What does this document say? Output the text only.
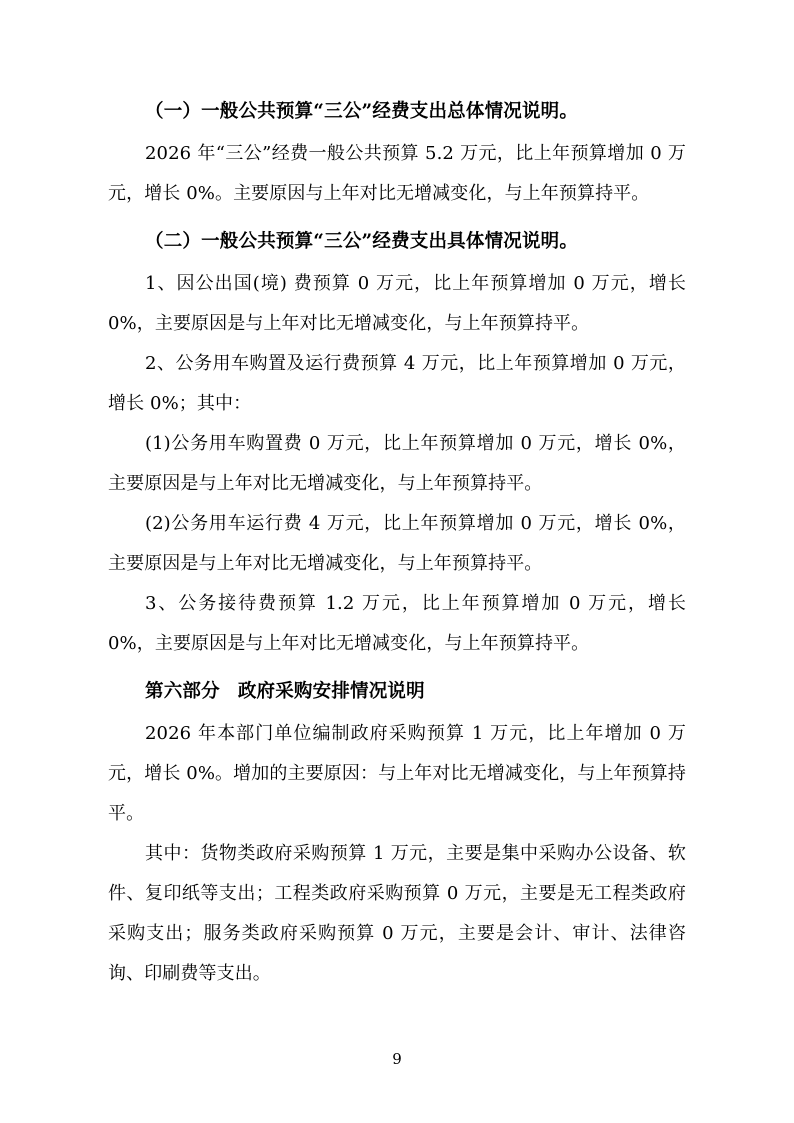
（一）一般公共预算“三公”经费支出总体情况说明。

2026 年“三公”经费一般公共预算 5.2 万元，比上年预算增加 0 万元，增长 0%。主要原因与上年对比无增减变化，与上年预算持平。

（二）一般公共预算“三公”经费支出具体情况说明。

1、因公出国(境) 费预算 0 万元，比上年预算增加 0 万元，增长 0%，主要原因是与上年对比无增减变化，与上年预算持平。

2、公务用车购置及运行费预算 4 万元，比上年预算增加 0 万元，增长 0%；其中：

(1)公务用车购置费 0 万元，比上年预算增加 0 万元，增长 0%，主要原因是与上年对比无增减变化，与上年预算持平。

(2)公务用车运行费 4 万元，比上年预算增加 0 万元，增长 0%，主要原因是与上年对比无增减变化，与上年预算持平。

3、公务接待费预算 1.2 万元，比上年预算增加 0 万元，增长 0%，主要原因是与上年对比无增减变化，与上年预算持平。

第六部分 政府采购安排情况说明

2026 年本部门单位编制政府采购预算 1 万元，比上年增加 0 万元，增长 0%。增加的主要原因：与上年对比无增减变化，与上年预算持平。

其中：货物类政府采购预算 1 万元，主要是集中采购办公设备、软件、复印纸等支出；工程类政府采购预算 0 万元，主要是无工程类政府采购支出；服务类政府采购预算 0 万元，主要是会计、审计、法律咨询、印刷费等支出。

9
